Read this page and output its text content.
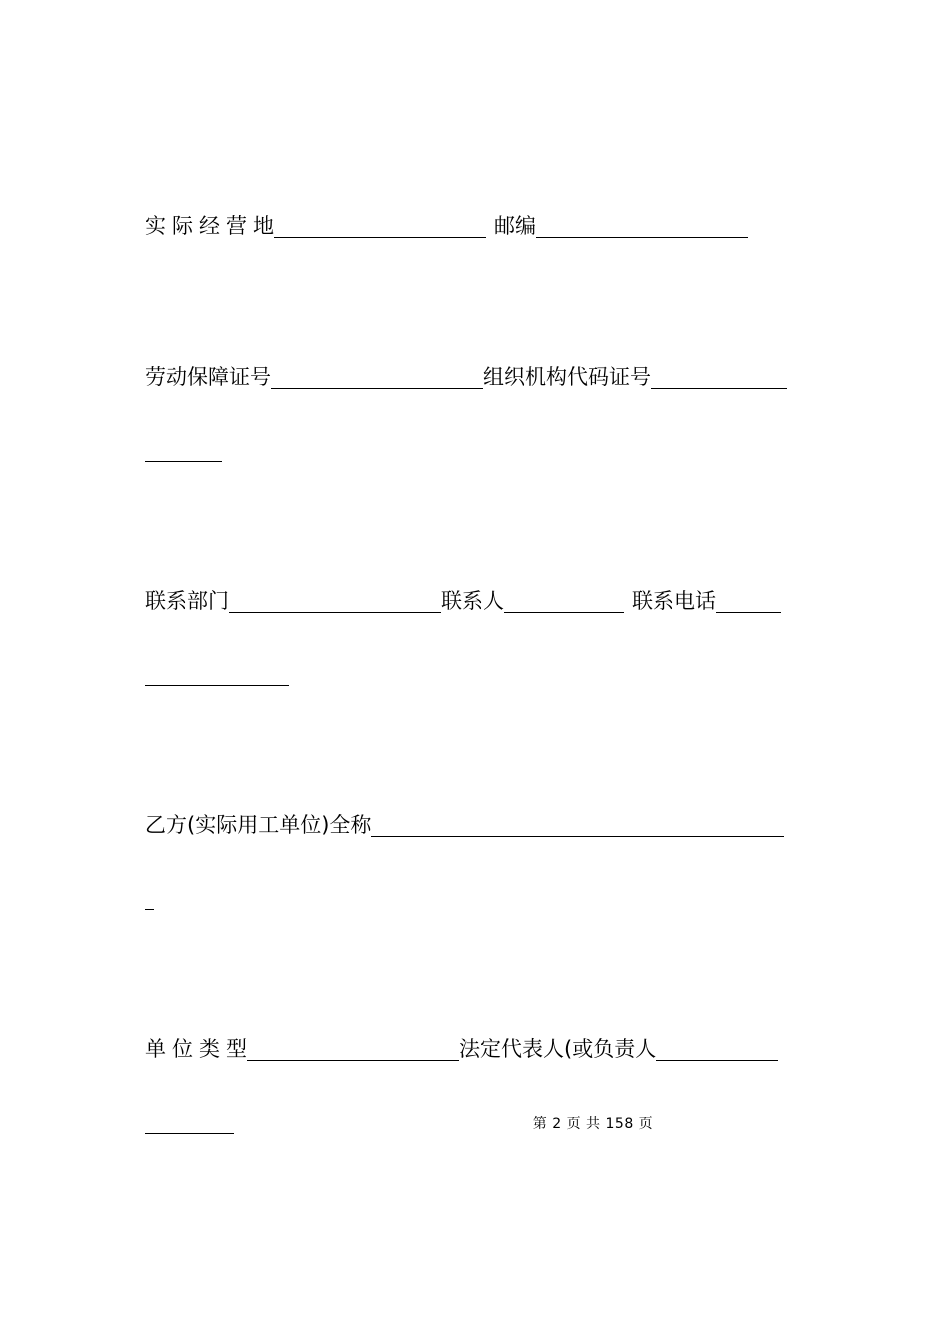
实际经营地	邮编
劳动保障证号	组织机构代码证号
联系部门	联系人	联系电话
乙方(实际用工单位)全称
单位类型	法定代表人(或负责人
第 2 页 共 158 页
